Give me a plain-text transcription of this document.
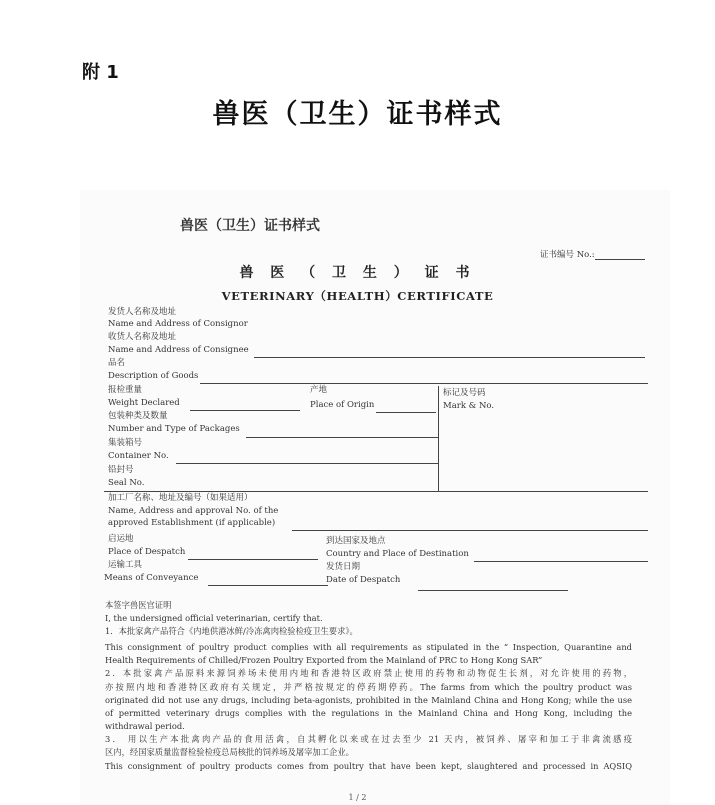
附 1
兽医（卫生）证书样式
兽医（卫生）证书样式
证书编号 No.:
兽 医 （ 卫 生 ） 证 书
VETERINARY（HEALTH）CERTIFICATE
发货人名称及地址
Name and Address of Consignor
收货人名称及地址
Name and Address of Consignee
品名
Description of Goods
报检重量
Weight Declared
产地
Place of Origin
标记及号码
Mark & No.
包装种类及数量
Number and Type of Packages
集装箱号
Container No.
铅封号
Seal No.
加工厂名称、地址及编号（如果适用）
Name, Address and approval No. of the
approved Establishment (if applicable)
启运地
Place of Despatch
到达国家及地点
Country and Place of Destination
运输工具
Means of Conveyance
发货日期
Date of Despatch
本签字兽医官证明
I, the undersigned official veterinarian, certify that.
1．本批家禽产品符合《内地供港冰鲜/冷冻禽肉检验检疫卫生要求》。
This consignment of poultry product complies with all requirements as stipulated in the “ Inspection, Quarantine and
Health Requirements of Chilled/Frozen Poultry Exported from the Mainland of PRC to Hong Kong SAR”
2．本批家禽产品原料来源饲养场未使用内地和香港特区政府禁止使用的药物和动物促生长剂，对允许使用的药物，
亦按照内地和香港特区政府有关规定，并严格按规定的停药期停药。The farms from which the poultry product was
originated did not use any drugs, including beta-agonists, prohibited in the Mainland China and Hong Kong; while the use
of permitted veterinary drugs complies with the regulations in the Mainland China and Hong Kong, including the
withdrawal period.
3． 用以生产本批禽肉产品的食用活禽，自其孵化以来或在过去至少 21 天内，被饲养、屠宰和加工于非禽流感疫
区内，经国家质量监督检验检疫总局核批的饲养场及屠宰加工企业。
This consignment of poultry products comes from poultry that have been kept, slaughtered and processed in AQSIQ
1 / 2
